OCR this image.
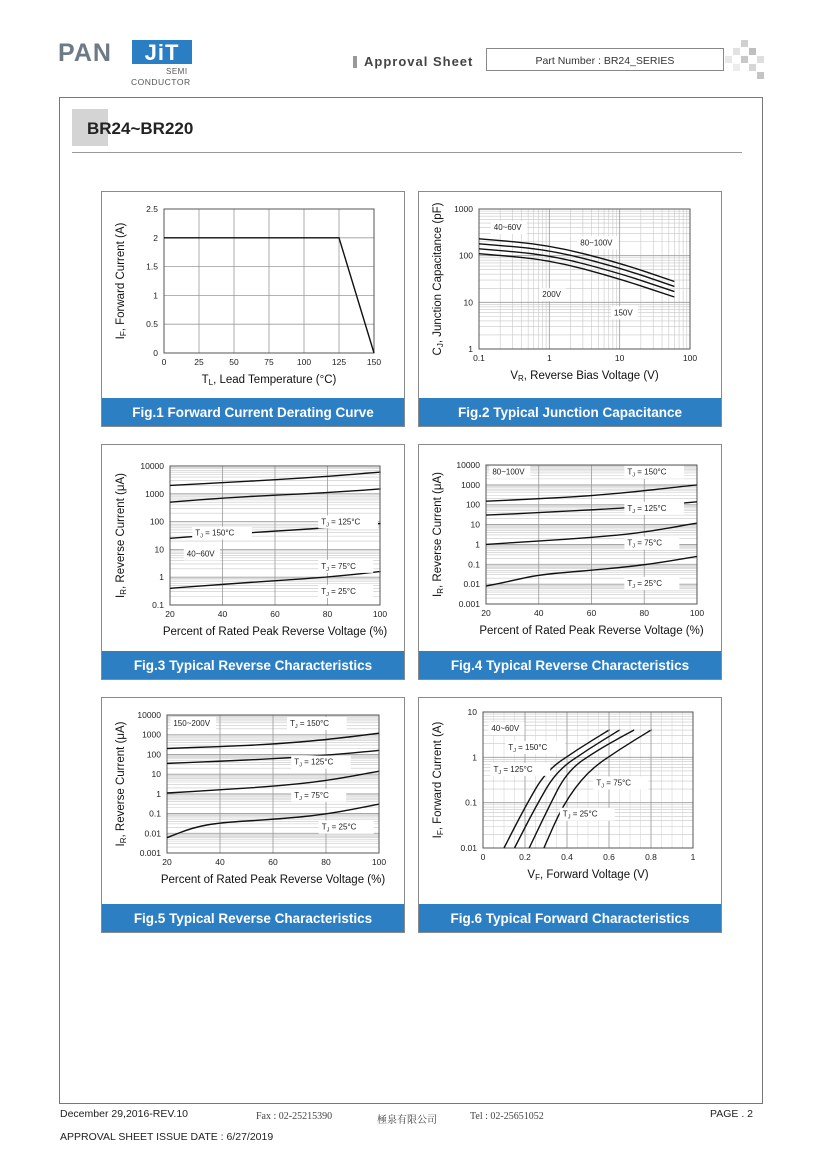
PAN	JiT
SEMI
CONDUCTOR
Approval Sheet	Part Number : BR24_SERIES
BR24~BR220
0	25	50	75	100 125 150
0
0.5
1
1.5
2
2.5
TL, Lead Temperature (°C)
IF, Forward Current (A)
Fig.1 Forward Current Derating Curve
0.1	1	10	100
1
10
100
1000
40~60V
80~100V
200V
150V
VR, Reverse Bias Voltage (V)
CJ, Junction Capacitance (pF)
Fig.2 Typical Junction Capacitance
20	40	60	80	100
0.1
1
10
100
1000
10000
$T_J = 125^\circ C$
$T_J = 150^\circ C$
$T_J = 75^\circ C$
40~60V
$T_J = 25^\circ C$
Percent of Rated Peak Reverse Voltage (%)
IR, Reverse Current (μA)
Fig.3 Typical Reverse Characteristics
20	40	60	80	100
0.001
0.01
0.1
1
10
100
1000
10000
80~100V	$T_J = 150^\circ C$
$T_J = 125^\circ C$
$T_J = 75^\circ C$
$T_J = 25^\circ C$
Percent of Rated Peak Reverse Voltage (%)
IR, Reverse Current (μA)
Fig.4 Typical Reverse Characteristics
20	40	60	80	100
0.001
0.01
0.1
1
10
100
1000
10000
150~200V	$T_J = 150^\circ C$
$T_J = 125^\circ C$
$T_J = 75^\circ C$
$T_J = 25^\circ C$
Percent of Rated Peak Reverse Voltage (%)
IR, Reverse Current (μA)
Fig.5 Typical Reverse Characteristics
0	0.2	0.4	0.6	0.8	1
0.01
0.1
1
10
40~60V
$T_J = 150^\circ C$
$T_J = 125^\circ C$
$T_J = 75^\circ C$
$T_J = 25^\circ C$
VF, Forward Voltage (V)
IF, Forward Current (A)
Fig.6 Typical Forward Characteristics
December 29,2016-REV.10	Fax : 02-25215390	極泉有限公司	Tel : 02-25651052	PAGE . 2
APPROVAL SHEET ISSUE DATE : 6/27/2019
